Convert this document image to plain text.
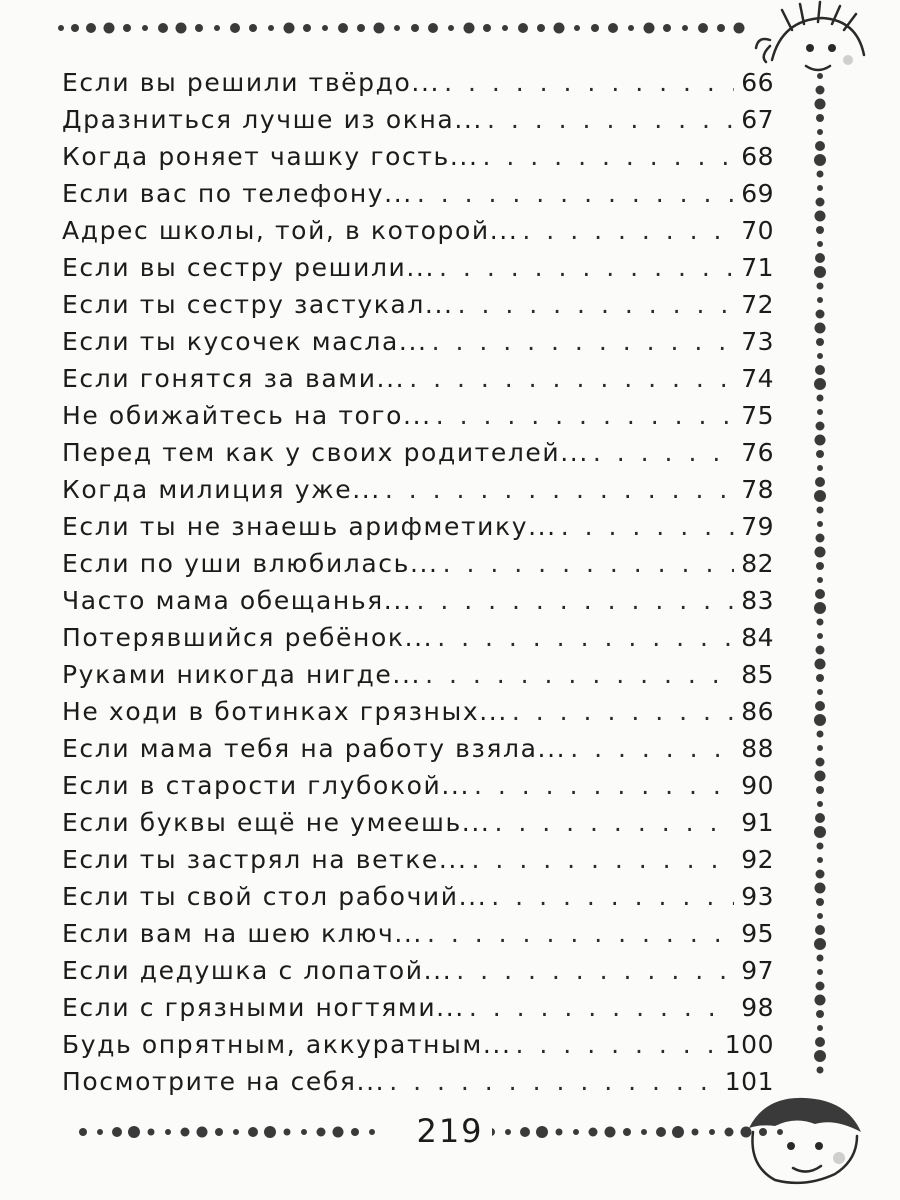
Если вы решили твёрдо... . . .	66
Дразниться лучше из окна... . . .	67
Когда роняет чашку гость... . . .	68
Если вас по телефону... . . .	69
Адрес школы, той, в которой... . . .	70
Если вы сестру решили... . . .	71
Если ты сестру застукал... . . .	72
Если ты кусочек масла... . . .	73
Если гонятся за вами... . . .	74
Не обижайтесь на того... . . .	75
Перед тем как у своих родителей... . . .	76
Когда милиция уже... . . .	78
Если ты не знаешь арифметику... . . .	79
Если по уши влюбилась... . . .	82
Часто мама обещанья... . . .	83
Потерявшийся ребёнок... . . .	84
Руками никогда нигде... . . .	85
Не ходи в ботинках грязных... . . .	86
Если мама тебя на работу взяла... . . .	88
Если в старости глубокой... . . .	90
Если буквы ещё не умеешь... . . .	91
Если ты застрял на ветке... . . .	92
Если ты свой стол рабочий... . . .	93
Если вам на шею ключ... . . .	95
Если дедушка с лопатой... . . .	97
Если с грязными ногтями... . . .	98
Будь опрятным, аккуратным... . . .	100
Посмотрите на себя... . . .	101
219
